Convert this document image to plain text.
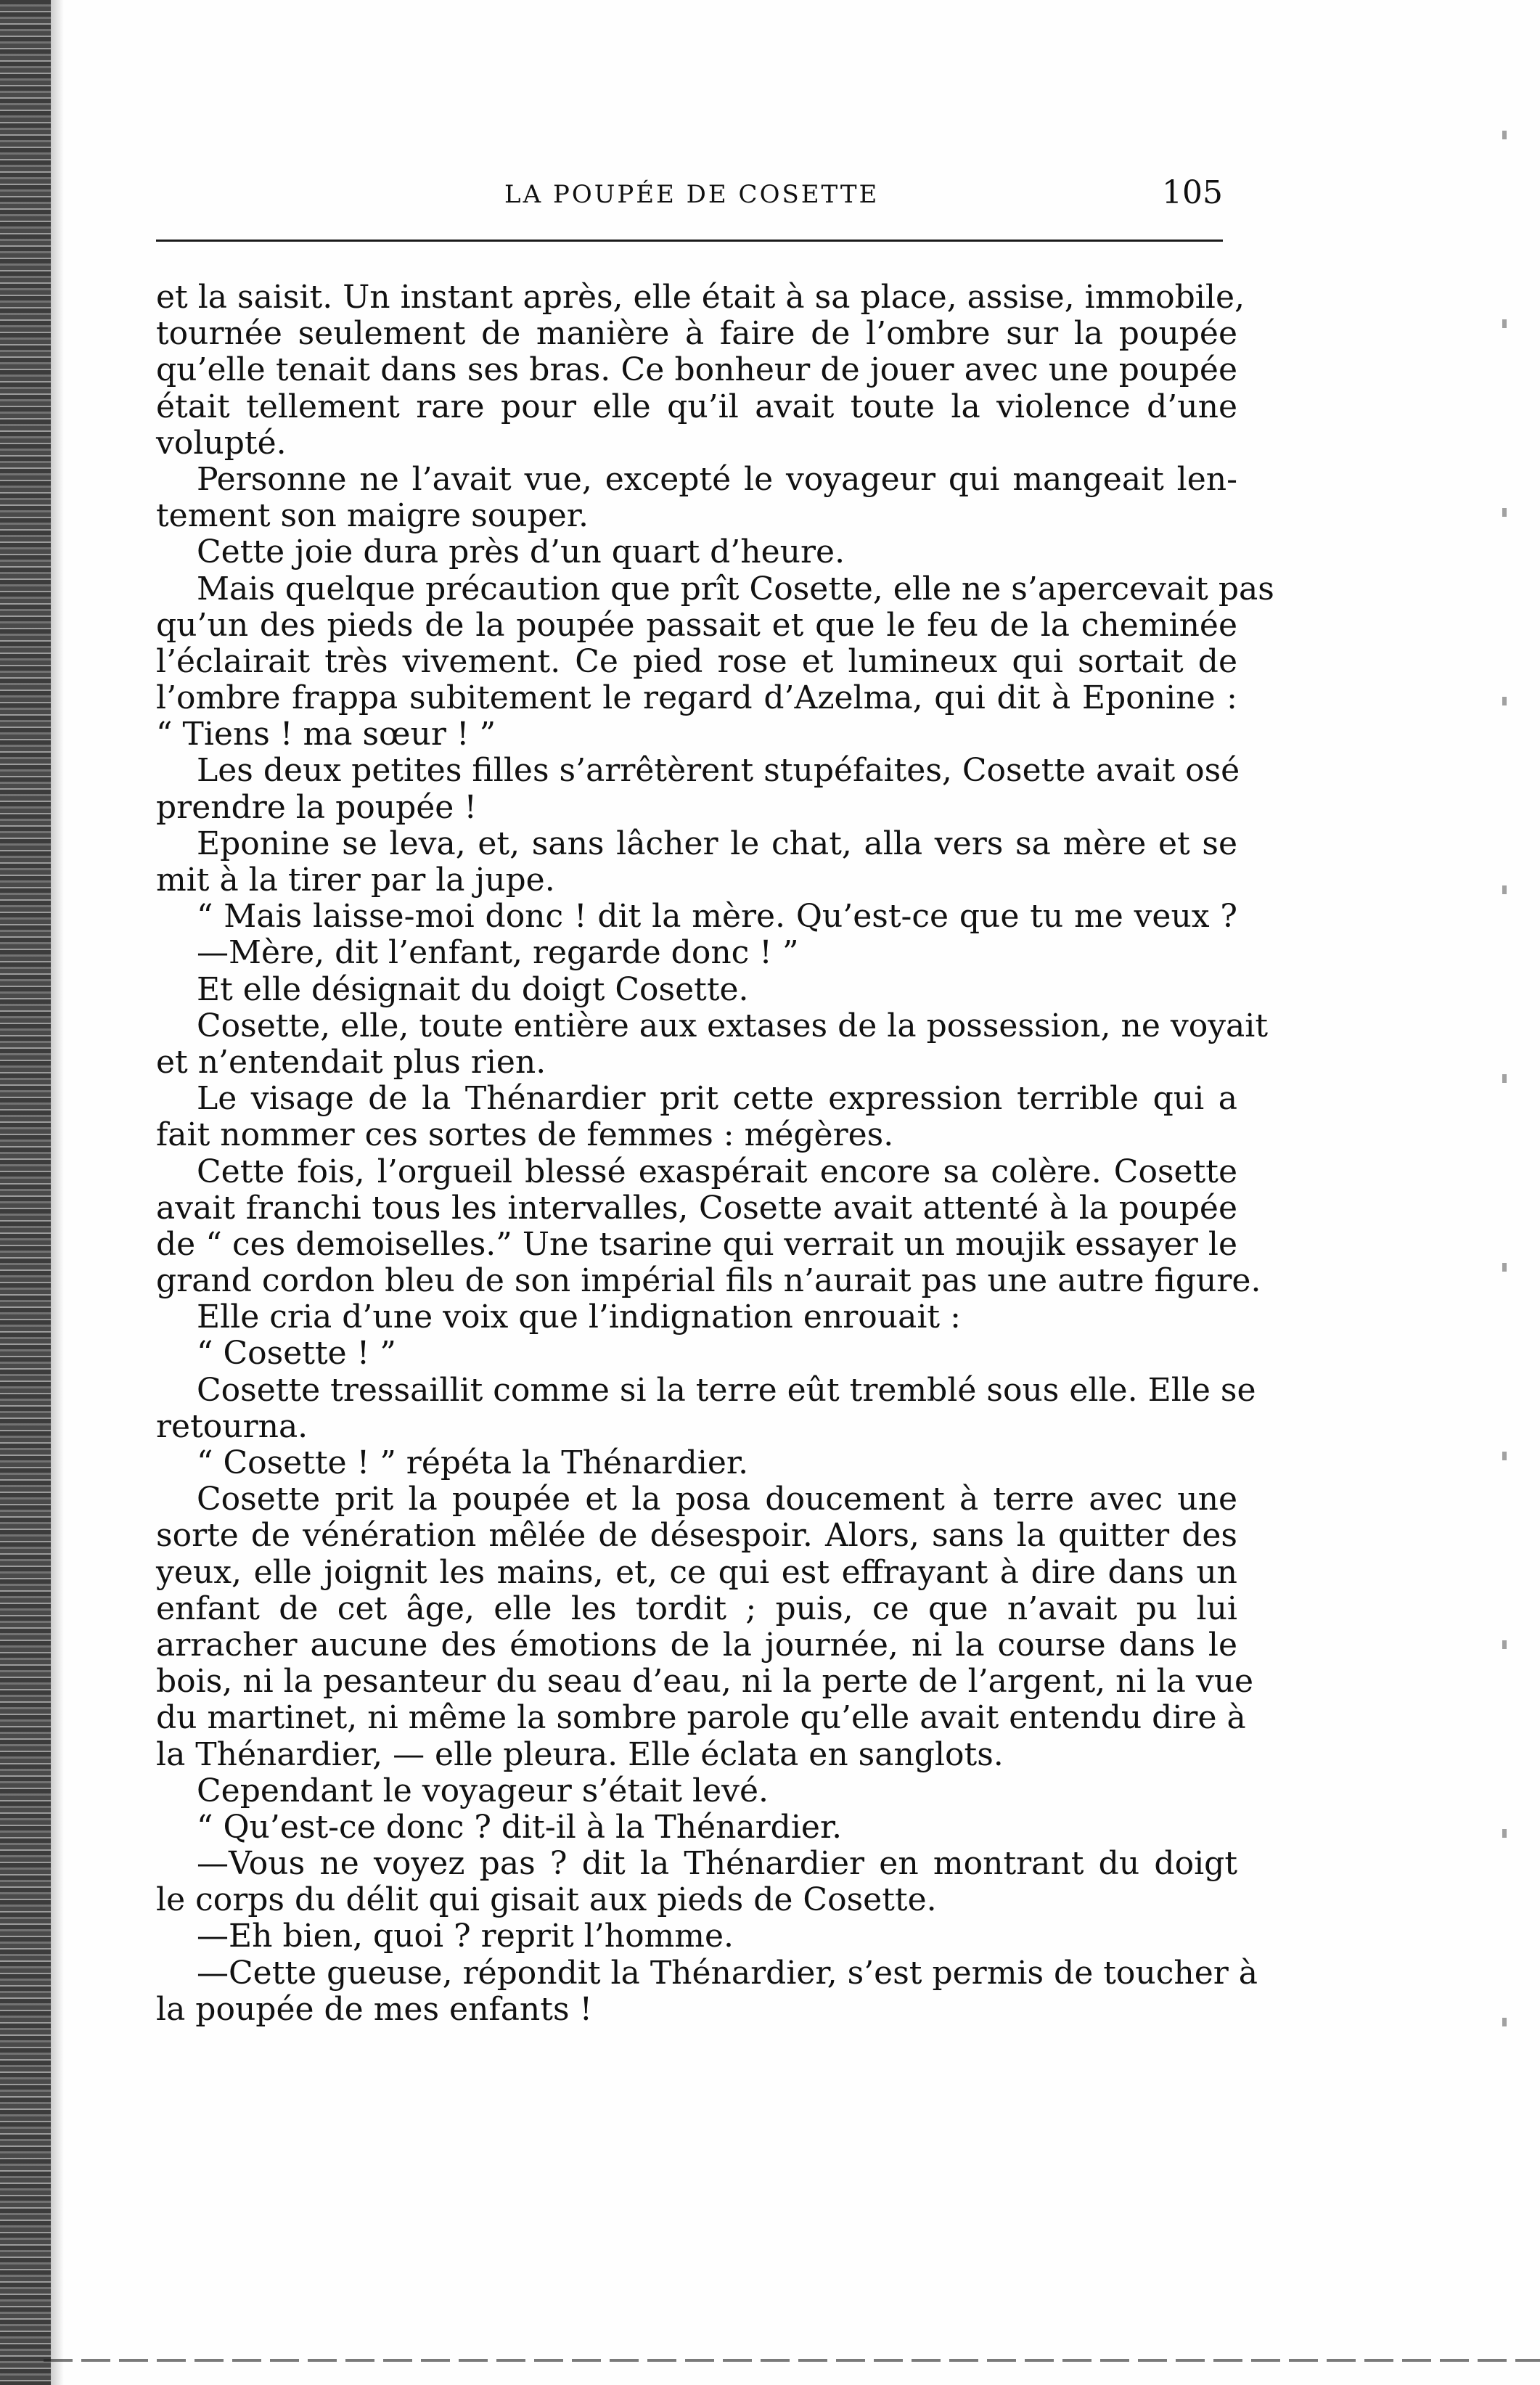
LA POUPÉE DE COSETTE	105
et la saisit. Un instant après, elle était à sa place, assise, immobile,
tournée seulement de manière à faire de l’ombre sur la poupée
qu’elle tenait dans ses bras. Ce bonheur de jouer avec une poupée
était tellement rare pour elle qu’il avait toute la violence d’une
volupté.
Personne ne l’avait vue, excepté le voyageur qui mangeait len-
tement son maigre souper.
Cette joie dura près d’un quart d’heure.
Mais quelque précaution que prît Cosette, elle ne s’apercevait pas
qu’un des pieds de la poupée passait et que le feu de la cheminée
l’éclairait très vivement. Ce pied rose et lumineux qui sortait de
l’ombre frappa subitement le regard d’Azelma, qui dit à Eponine :
“ Tiens ! ma sœur ! ”
Les deux petites filles s’arrêtèrent stupéfaites, Cosette avait osé
prendre la poupée !
Eponine se leva, et, sans lâcher le chat, alla vers sa mère et se
mit à la tirer par la jupe.
“ Mais laisse-moi donc ! dit la mère. Qu’est-ce que tu me veux ?
—Mère, dit l’enfant, regarde donc ! ”
Et elle désignait du doigt Cosette.
Cosette, elle, toute entière aux extases de la possession, ne voyait
et n’entendait plus rien.
Le visage de la Thénardier prit cette expression terrible qui a
fait nommer ces sortes de femmes : mégères.
Cette fois, l’orgueil blessé exaspérait encore sa colère. Cosette
avait franchi tous les intervalles, Cosette avait attenté à la poupée
de “ ces demoiselles.” Une tsarine qui verrait un moujik essayer le
grand cordon bleu de son impérial fils n’aurait pas une autre figure.
Elle cria d’une voix que l’indignation enrouait :
“ Cosette ! ”
Cosette tressaillit comme si la terre eût tremblé sous elle. Elle se
retourna.
“ Cosette ! ” répéta la Thénardier.
Cosette prit la poupée et la posa doucement à terre avec une
sorte de vénération mêlée de désespoir. Alors, sans la quitter des
yeux, elle joignit les mains, et, ce qui est effrayant à dire dans un
enfant de cet âge, elle les tordit ; puis, ce que n’avait pu lui
arracher aucune des émotions de la journée, ni la course dans le
bois, ni la pesanteur du seau d’eau, ni la perte de l’argent, ni la vue
du martinet, ni même la sombre parole qu’elle avait entendu dire à
la Thénardier, — elle pleura. Elle éclata en sanglots.
Cependant le voyageur s’était levé.
“ Qu’est-ce donc ? dit-il à la Thénardier.
—Vous ne voyez pas ? dit la Thénardier en montrant du doigt
le corps du délit qui gisait aux pieds de Cosette.
—Eh bien, quoi ? reprit l’homme.
—Cette gueuse, répondit la Thénardier, s’est permis de toucher à
la poupée de mes enfants !
